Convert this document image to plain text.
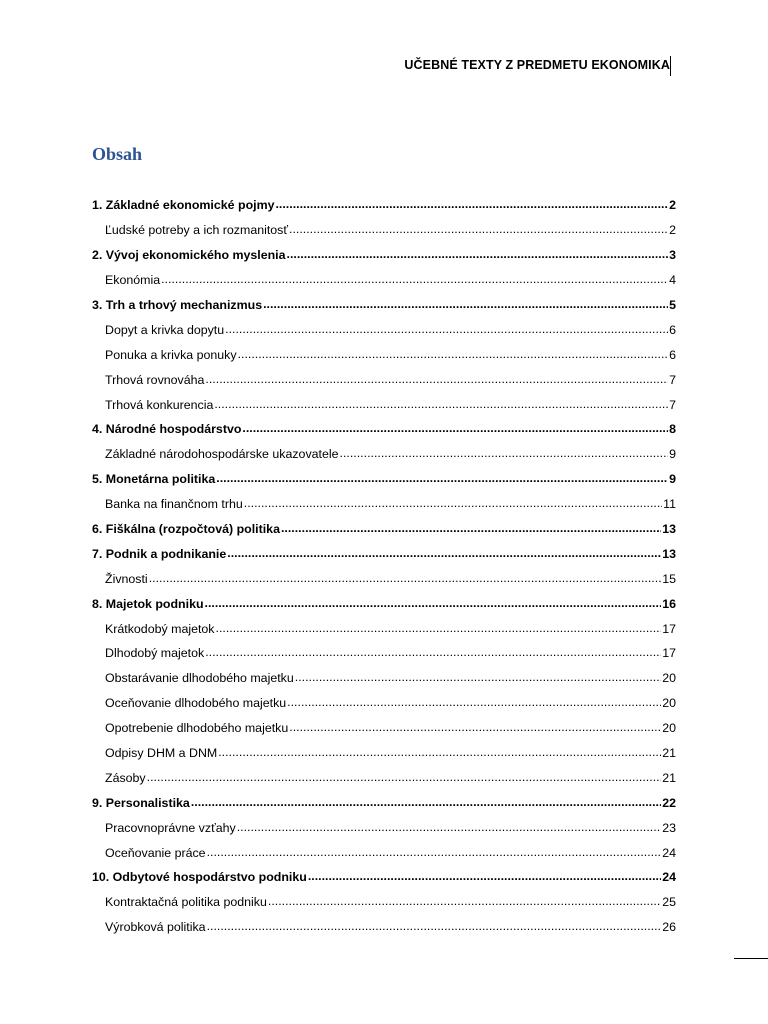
UČEBNÉ TEXTY Z PREDMETU EKONOMIKA
Obsah
1. Základné ekonomické pojmy .....	2
Ľudské potreby a ich rozmanitosť .....	2
2. Vývoj ekonomického myslenia .....	3
Ekonómia .....	4
3. Trh a trhový mechanizmus .....	5
Dopyt a krivka dopytu .....	6
Ponuka a krivka ponuky .....	6
Trhová rovnováha .....	7
Trhová konkurencia .....	7
4. Národné hospodárstvo .....	8
Základné národohospodárske ukazovatele .....	9
5. Monetárna politika .....	9
Banka na finančnom trhu .....	11
6. Fiškálna (rozpočtová) politika .....	13
7. Podnik a podnikanie .....	13
Živnosti .....	15
8. Majetok podniku .....	16
Krátkodobý majetok .....	17
Dlhodobý majetok .....	17
Obstarávanie dlhodobého majetku .....	20
Oceňovanie dlhodobého majetku .....	20
Opotrebenie dlhodobého majetku .....	20
Odpisy DHM a DNM .....	21
Zásoby .....	21
9. Personalistika .....	22
Pracovnoprávne vzťahy .....	23
Oceňovanie práce .....	24
10. Odbytové hospodárstvo podniku .....	24
Kontraktačná politika podniku .....	25
Výrobková politika .....	26
